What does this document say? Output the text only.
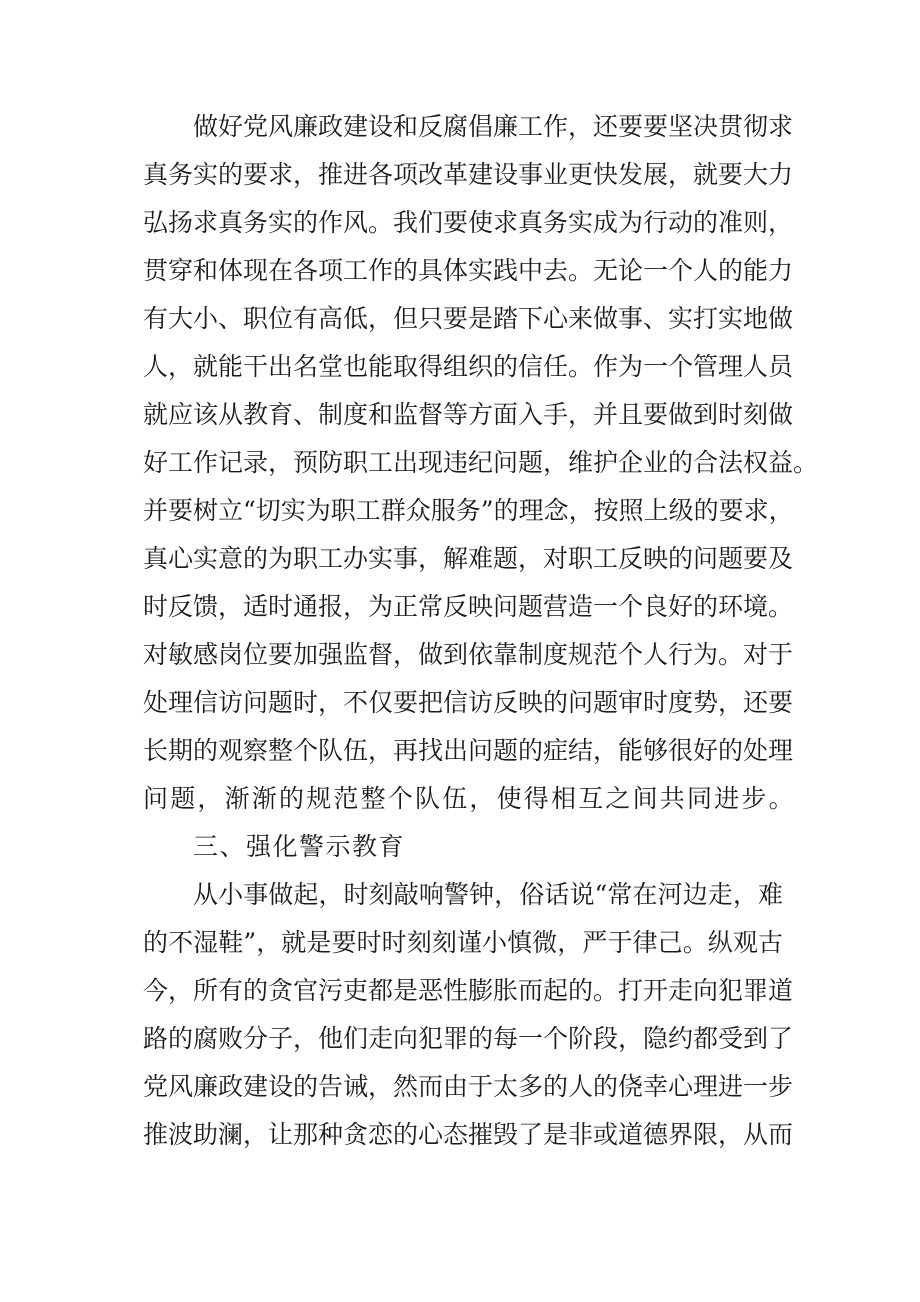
做好党风廉政建设和反腐倡廉工作，还要要坚决贯彻求
真务实的要求，推进各项改革建设事业更快发展，就要大力
弘扬求真务实的作风。我们要使求真务实成为行动的准则，
贯穿和体现在各项工作的具体实践中去。无论一个人的能力
有大小、职位有高低，但只要是踏下心来做事、实打实地做
人，就能干出名堂也能取得组织的信任。作为一个管理人员
就应该从教育、制度和监督等方面入手，并且要做到时刻做
好工作记录，预防职工出现违纪问题，维护企业的合法权益。
并要树立“切实为职工群众服务”的理念，按照上级的要求，
真心实意的为职工办实事，解难题，对职工反映的问题要及
时反馈，适时通报，为正常反映问题营造一个良好的环境。
对敏感岗位要加强监督，做到依靠制度规范个人行为。对于
处理信访问题时，不仅要把信访反映的问题审时度势，还要
长期的观察整个队伍，再找出问题的症结，能够很好的处理
问题，渐渐的规范整个队伍，使得相互之间共同进步。
三、强化警示教育
从小事做起，时刻敲响警钟，俗话说“常在河边走，难
的不湿鞋”，就是要时时刻刻谨小慎微，严于律己。纵观古
今，所有的贪官污吏都是恶性膨胀而起的。打开走向犯罪道
路的腐败分子，他们走向犯罪的每一个阶段，隐约都受到了
党风廉政建设的告诫，然而由于太多的人的侥幸心理进一步
推波助澜，让那种贪恋的心态摧毁了是非或道德界限，从而
